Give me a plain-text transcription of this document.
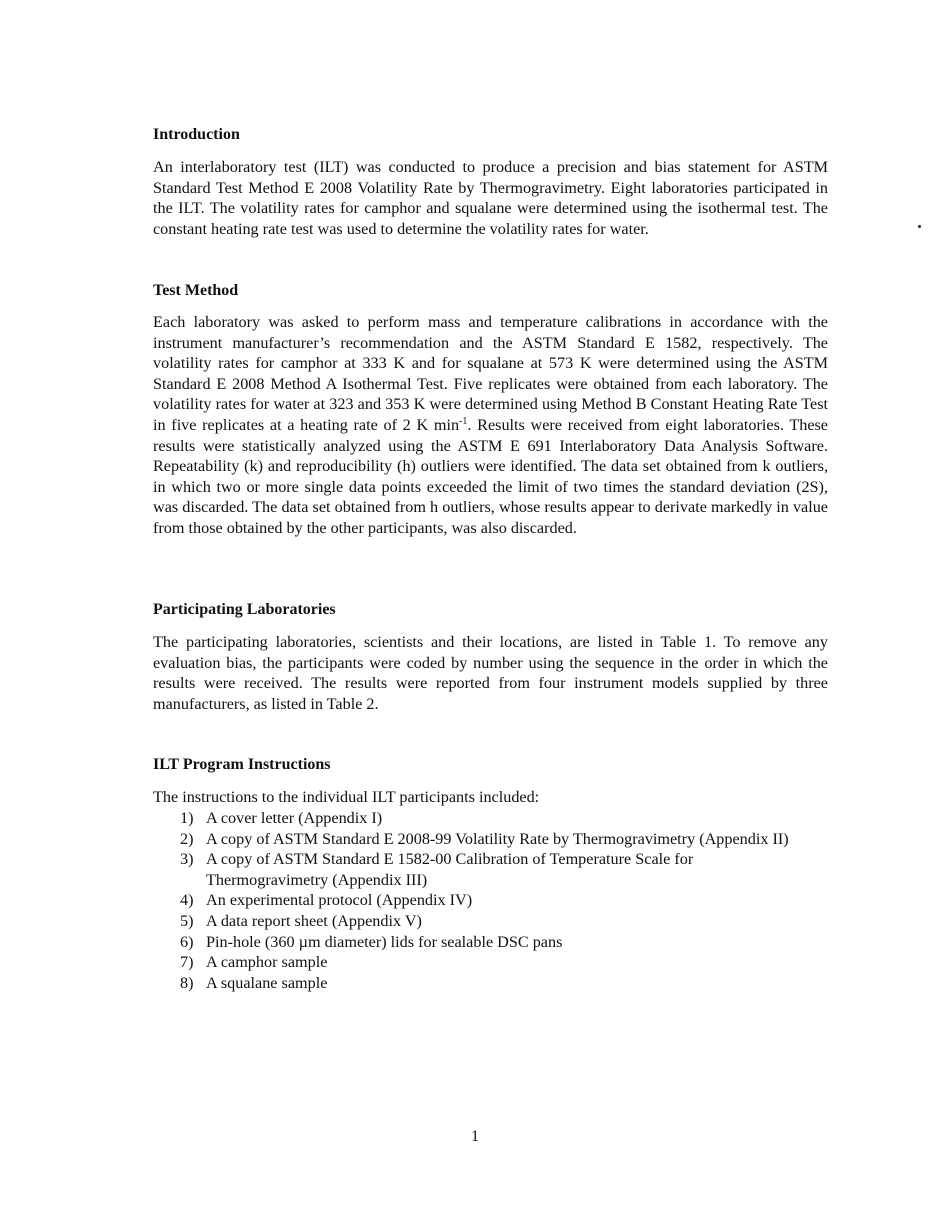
Introduction

An interlaboratory test (ILT) was conducted to produce a precision and bias statement for ASTM Standard Test Method E 2008 Volatility Rate by Thermogravimetry. Eight laboratories participated in the ILT. The volatility rates for camphor and squalane were determined using the isothermal test. The constant heating rate test was used to determine the volatility rates for water.

Test Method

Each laboratory was asked to perform mass and temperature calibrations in accordance with the instrument manufacturer’s recommendation and the ASTM Standard E 1582, respectively. The volatility rates for camphor at 333 K and for squalane at 573 K were determined using the ASTM Standard E 2008 Method A Isothermal Test. Five replicates were obtained from each laboratory. The volatility rates for water at 323 and 353 K were determined using Method B Constant Heating Rate Test in five replicates at a heating rate of 2 K $\min^{-1}$. Results were received from eight laboratories. These results were statistically analyzed using the ASTM E 691 Interlaboratory Data Analysis Software. Repeatability (k) and reproducibility (h) outliers were identified. The data set obtained from k outliers, in which two or more single data points exceeded the limit of two times the standard deviation (2S), was discarded. The data set obtained from h outliers, whose results appear to derivate markedly in value from those obtained by the other participants, was also discarded.

Participating Laboratories

The participating laboratories, scientists and their locations, are listed in Table 1. To remove any evaluation bias, the participants were coded by number using the sequence in the order in which the results were received. The results were reported from four instrument models supplied by three manufacturers, as listed in Table 2.

ILT Program Instructions
The instructions to the individual ILT participants included:
1) A cover letter (Appendix I)
2) A copy of ASTM Standard E 2008-99 Volatility Rate by Thermogravimetry (Appendix II)
3) A copy of ASTM Standard E 1582-00 Calibration of Temperature Scale for Thermogravimetry (Appendix III)
4) An experimental protocol (Appendix IV)
5) A data report sheet (Appendix V)
6) Pin-hole (360 µm diameter) lids for sealable DSC pans
7) A camphor sample
8) A squalane sample
1
